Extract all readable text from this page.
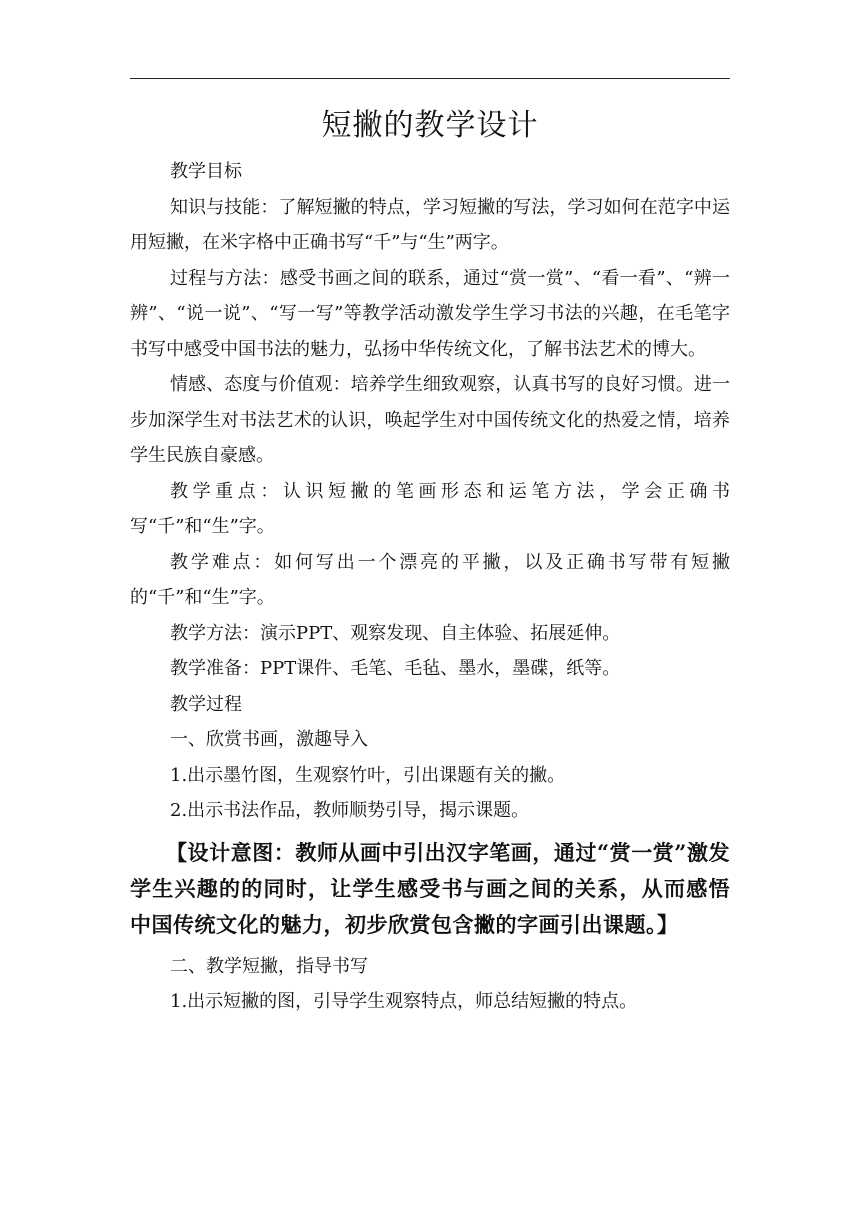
短撇的教学设计

教学目标

知识与技能：了解短撇的特点，学习短撇的写法，学习如何在范字中运用短撇，在米字格中正确书写“千”与“生”两字。

过程与方法：感受书画之间的联系，通过“赏一赏”、“看一看”、“辨一辨”、“说一说”、“写一写”等教学活动激发学生学习书法的兴趣，在毛笔字书写中感受中国书法的魅力，弘扬中华传统文化，了解书法艺术的博大。

情感、态度与价值观：培养学生细致观察，认真书写的良好习惯。进一步加深学生对书法艺术的认识，唤起学生对中国传统文化的热爱之情，培养学生民族自豪感。

教学重点：认识短撇的笔画形态和运笔方法，学会正确书写“千”和“生”字。

教学难点：如何写出一个漂亮的平撇，以及正确书写带有短撇的“千”和“生”字。

教学方法：演示PPT、观察发现、自主体验、拓展延伸。

教学准备：PPT课件、毛笔、毛毡、墨水，墨碟，纸等。

教学过程

一、欣赏书画，激趣导入

1.出示墨竹图，生观察竹叶，引出课题有关的撇。

2.出示书法作品，教师顺势引导，揭示课题。

【设计意图：教师从画中引出汉字笔画，通过“赏一赏”激发学生兴趣的的同时，让学生感受书与画之间的关系，从而感悟中国传统文化的魅力，初步欣赏包含撇的字画引出课题。】

二、教学短撇，指导书写

1.出示短撇的图，引导学生观察特点，师总结短撇的特点。
